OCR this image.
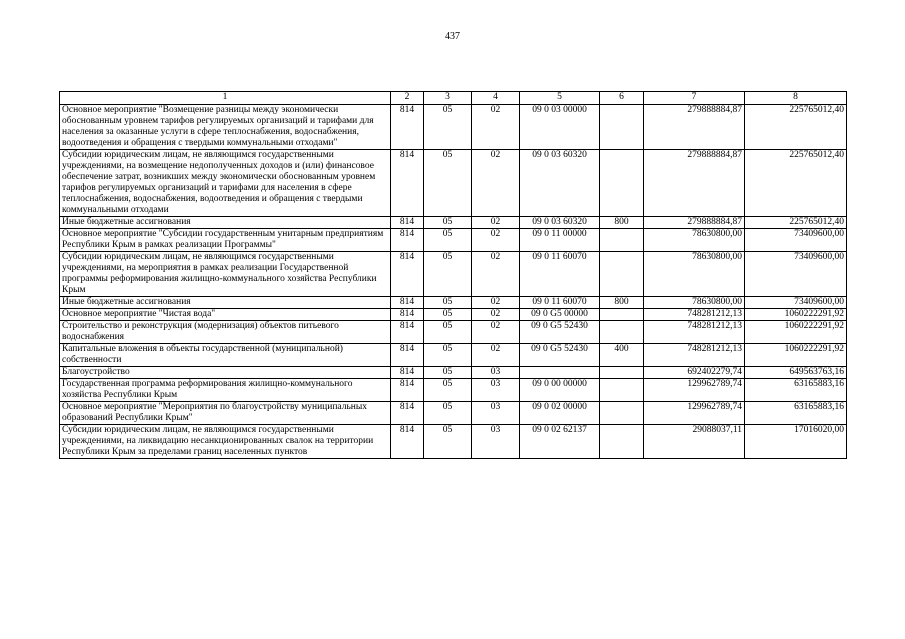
437
1	2	3	4	5	6	7	8
Основное мероприятие "Возмещение разницы между экономически обоснованным уровнем тарифов регулируемых организаций и тарифами для населения за оказанные услуги в сфере теплоснабжения, водоснабжения, водоотведения и обращения с твердыми коммунальными отходами"	814	05	02	09 0 03 00000		279888884,87	225765012,40
Субсидии юридическим лицам, не являющимся государственными учреждениями, на возмещение недополученных доходов и (или) финансовое обеспечение затрат, возникших между экономически обоснованным уровнем тарифов регулируемых организаций и тарифами для населения в сфере теплоснабжения, водоснабжения, водоотведения и обращения с твердыми коммунальными отходами	814	05	02	09 0 03 60320		279888884,87	225765012,40
Иные бюджетные ассигнования	814	05	02	09 0 03 60320	800	279888884,87	225765012,40
Основное мероприятие "Субсидии государственным унитарным предприятиям Республики Крым в рамках реализации Программы"	814	05	02	09 0 11 00000		78630800,00	73409600,00
Субсидии юридическим лицам, не являющимся государственными учреждениями, на мероприятия в рамках реализации Государственной программы реформирования жилищно-коммунального хозяйства Республики Крым	814	05	02	09 0 11 60070		78630800,00	73409600,00
Иные бюджетные ассигнования	814	05	02	09 0 11 60070	800	78630800,00	73409600,00
Основное мероприятие "Чистая вода"	814	05	02	09 0 G5 00000		748281212,13	1060222291,92
Строительство и реконструкция (модернизация) объектов питьевого водоснабжения	814	05	02	09 0 G5 52430		748281212,13	1060222291,92
Капитальные вложения в объекты государственной (муниципальной) собственности	814	05	02	09 0 G5 52430	400	748281212,13	1060222291,92
Благоустройство	814	05	03			692402279,74	649563763,16
Государственная программа реформирования жилищно-коммунального хозяйства Республики Крым	814	05	03	09 0 00 00000		129962789,74	63165883,16
Основное мероприятие "Мероприятия по благоустройству муниципальных образований Республики Крым"	814	05	03	09 0 02 00000		129962789,74	63165883,16
Субсидии юридическим лицам, не являющимся государственными учреждениями, на ликвидацию несанкционированных свалок на территории Республики Крым за пределами границ населенных пунктов	814	05	03	09 0 02 62137		29088037,11	17016020,00
